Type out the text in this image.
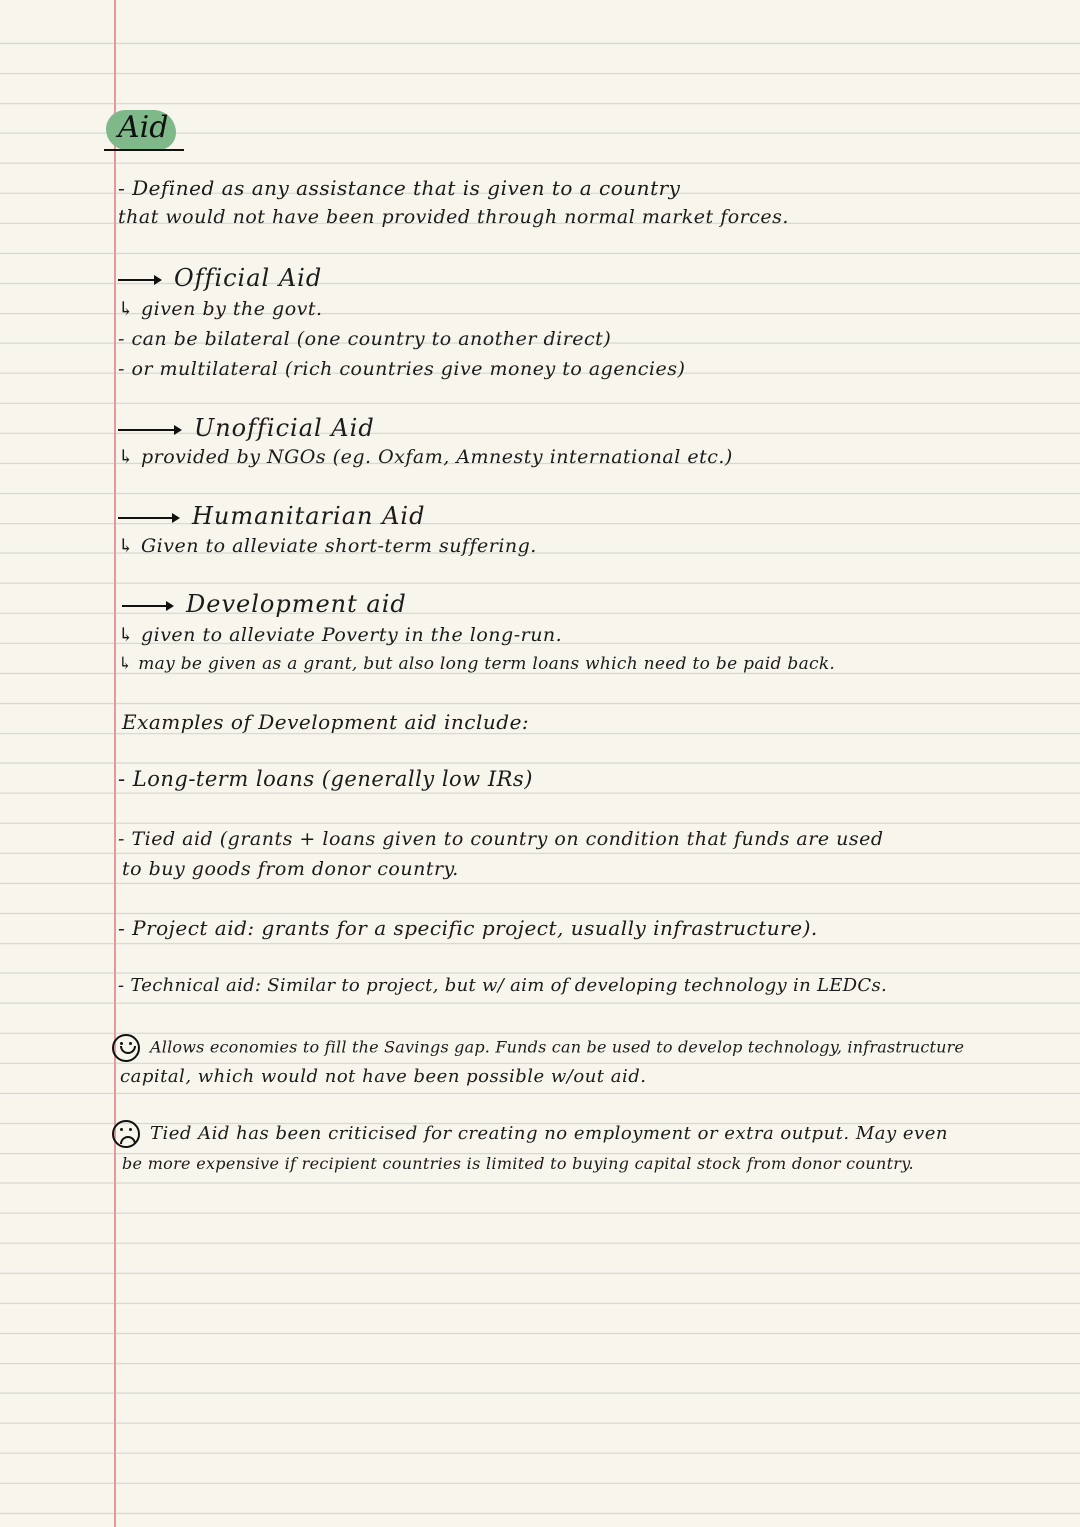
Aid
- Defined as any assistance that is given to a country
that would not have been provided through normal market forces.
Official Aid
↳ given by the govt.
- can be bilateral (one country to another direct)
- or multilateral (rich countries give money to agencies)
Unofficial Aid
↳ provided by NGOs (eg. Oxfam, Amnesty international etc.)
Humanitarian Aid
↳ Given to alleviate short-term suffering.
Development aid
↳ given to alleviate Poverty in the long-run.
↳ may be given as a grant, but also long term loans which need to be paid back.
Examples of Development aid include:
- Long-term loans (generally low IRs)
- Tied aid (grants + loans given to country on condition that funds are used
to buy goods from donor country.
- Project aid: grants for a specific project, usually infrastructure).
- Technical aid: Similar to project, but w/ aim of developing technology in LEDCs.
Allows economies to fill the Savings gap. Funds can be used to develop technology, infrastructure
capital, which would not have been possible w/out aid.
Tied Aid has been criticised for creating no employment or extra output. May even
be more expensive if recipient countries is limited to buying capital stock from donor country.
